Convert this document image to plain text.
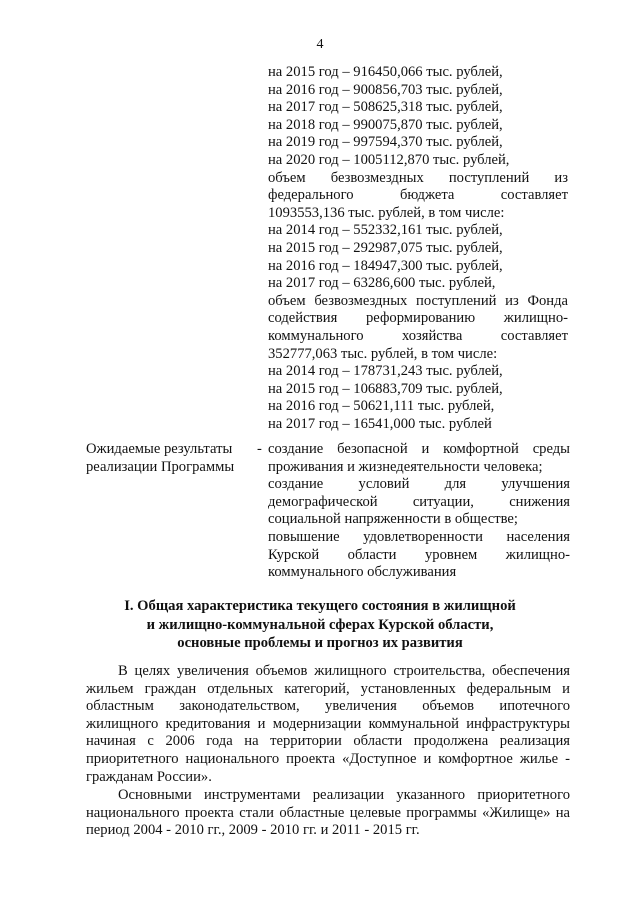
4
на 2015 год – 916450,066 тыс. рублей,
на 2016 год – 900856,703 тыс. рублей,
на 2017 год – 508625,318 тыс. рублей,
на 2018 год – 990075,870 тыс. рублей,
на 2019 год – 997594,370 тыс. рублей,
на 2020 год – 1005112,870 тыс. рублей,
объем безвозмездных поступлений из
федерального бюджета составляет
1093553,136 тыс. рублей, в том числе:
на 2014 год – 552332,161 тыс. рублей,
на 2015 год – 292987,075 тыс. рублей,
на 2016 год – 184947,300 тыс. рублей,
на 2017 год – 63286,600 тыс. рублей,
объем безвозмездных поступлений из Фонда
содействия реформированию жилищно-
коммунального хозяйства составляет
352777,063 тыс. рублей, в том числе:
на 2014 год – 178731,243 тыс. рублей,
на 2015 год – 106883,709 тыс. рублей,
на 2016 год – 50621,111 тыс. рублей,
на 2017 год – 16541,000 тыс. рублей
Ожидаемые результаты
реализации Программы
- создание безопасной и комфортной среды
проживания и жизнедеятельности человека;
создание условий для улучшения
демографической ситуации, снижения
социальной напряженности в обществе;
повышение удовлетворенности населения
Курской области уровнем жилищно-
коммунального обслуживания
I. Общая характеристика текущего состояния в жилищной
и жилищно-коммунальной сферах Курской области,
основные проблемы и прогноз их развития
В целях увеличения объемов жилищного строительства, обеспечения
жильем граждан отдельных категорий, установленных федеральным и
областным законодательством, увеличения объемов ипотечного
жилищного кредитования и модернизации коммунальной инфраструктуры
начиная с 2006 года на территории области продолжена реализация
приоритетного национального проекта «Доступное и комфортное жилье -
гражданам России».
Основными инструментами реализации указанного приоритетного
национального проекта стали областные целевые программы «Жилище» на
период 2004 - 2010 гг., 2009 - 2010 гг. и 2011 - 2015 гг.
